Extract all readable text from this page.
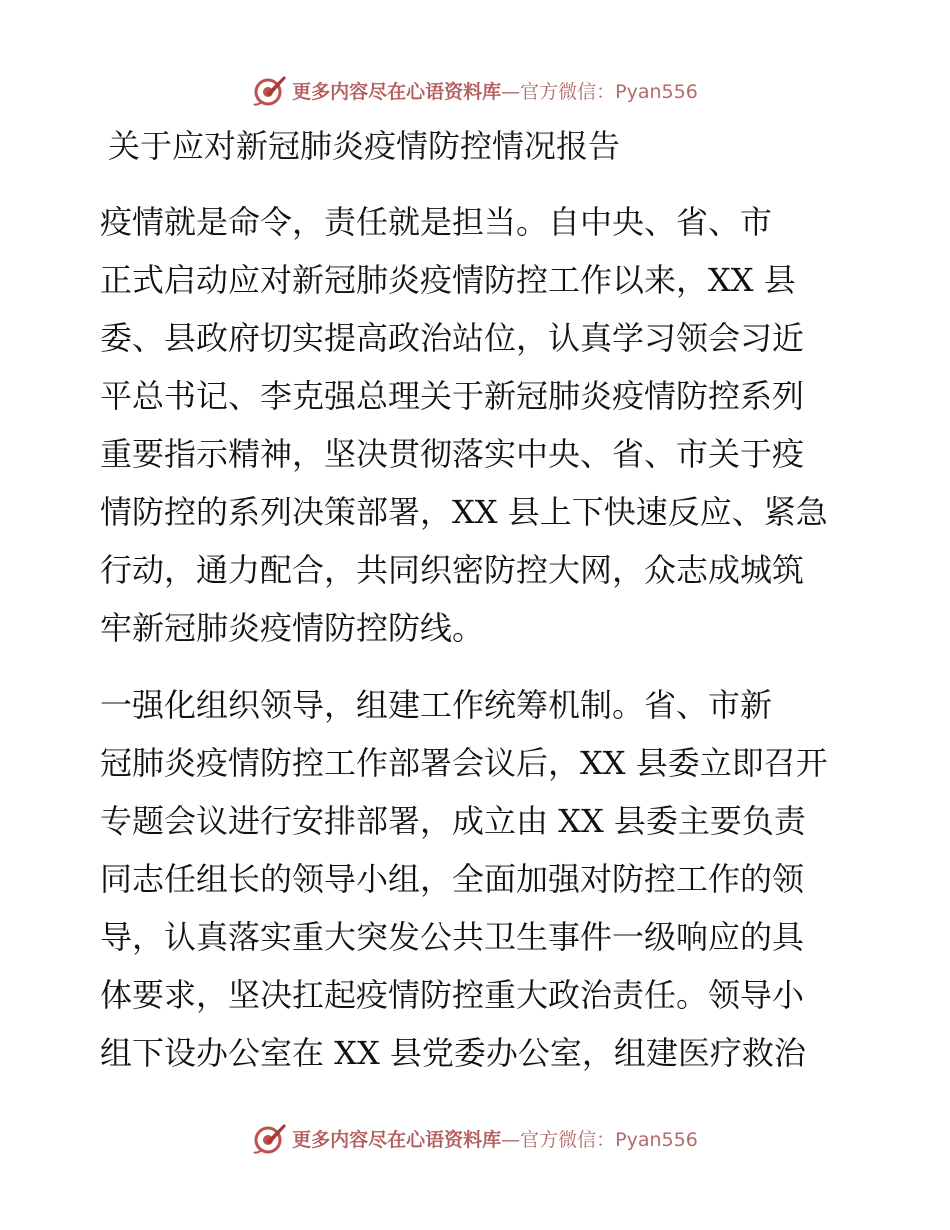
更多内容尽在心语资料库—官方微信：Pyan556
关于应对新冠肺炎疫情防控情况报告
疫情就是命令，责任就是担当。自中央、省、市
正式启动应对新冠肺炎疫情防控工作以来，XX 县
委、县政府切实提高政治站位，认真学习领会习近
平总书记、李克强总理关于新冠肺炎疫情防控系列
重要指示精神，坚决贯彻落实中央、省、市关于疫
情防控的系列决策部署，XX 县上下快速反应、紧急
行动，通力配合，共同织密防控大网，众志成城筑
牢新冠肺炎疫情防控防线。
一强化组织领导，组建工作统筹机制。省、市新
冠肺炎疫情防控工作部署会议后，XX 县委立即召开
专题会议进行安排部署，成立由 XX 县委主要负责
同志任组长的领导小组，全面加强对防控工作的领
导，认真落实重大突发公共卫生事件一级响应的具
体要求，坚决扛起疫情防控重大政治责任。领导小
组下设办公室在 XX 县党委办公室，组建医疗救治
更多内容尽在心语资料库—官方微信：Pyan556
